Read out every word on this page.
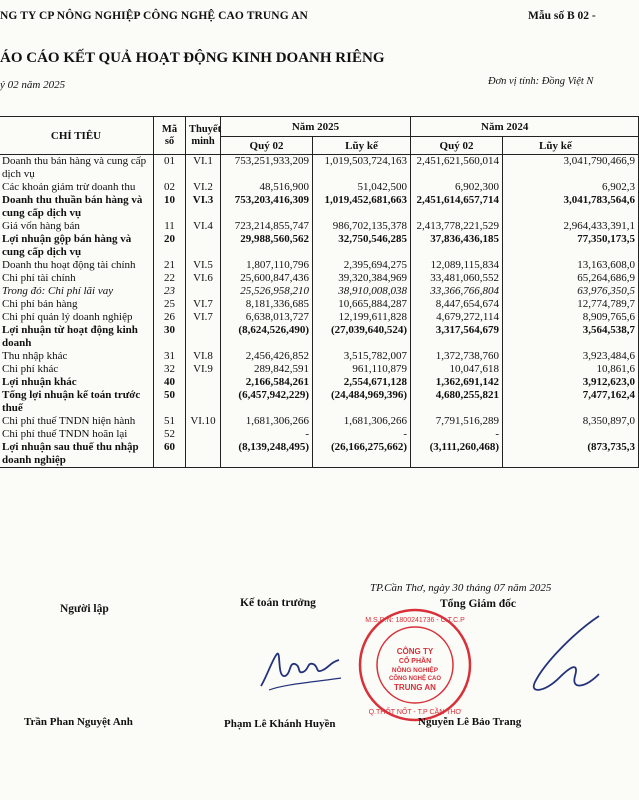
NG TY CP NÔNG NGHIỆP CÔNG NGHỆ CAO TRUNG AN	Mẫu số B 02 -
ÁO CÁO KẾT QUẢ HOẠT ĐỘNG KINH DOANH RIÊNG
ý 02 năm 2025	Đơn vị tính: Đồng Việt N
CHỈ TIÊU	Mã số	Thuyết minh	Năm 2025		Năm 2024	
			Quý 02	Lũy kế	Quý 02	Lũy kế
Doanh thu bán hàng và cung cấp dịch vụ	01	VI.1	753,251,933,209	1,019,503,724,163	2,451,621,560,014	3,041,790,466,9
Các khoản giảm trừ doanh thu	02	VI.2	48,516,900	51,042,500	6,902,300	6,902,3
Doanh thu thuần bán hàng và cung cấp dịch vụ	10	VI.3	753,203,416,309	1,019,452,681,663	2,451,614,657,714	3,041,783,564,6
Giá vốn hàng bán	11	VI.4	723,214,855,747	986,702,135,378	2,413,778,221,529	2,964,433,391,1
Lợi nhuận gộp bán hàng và cung cấp dịch vụ	20		29,988,560,562	32,750,546,285	37,836,436,185	77,350,173,5
Doanh thu hoạt động tài chính	21	VI.5	1,807,110,796	2,395,694,275	12,089,115,834	13,163,608,0
Chi phí tài chính	22	VI.6	25,600,847,436	39,320,384,969	33,481,060,552	65,264,686,9
Trong đó: Chi phí lãi vay	23		25,526,958,210	38,910,008,038	33,366,766,804	63,976,350,5
Chi phí bán hàng	25	VI.7	8,181,336,685	10,665,884,287	8,447,654,674	12,774,789,7
Chi phí quản lý doanh nghiệp	26	VI.7	6,638,013,727	12,199,611,828	4,679,272,114	8,909,765,6
Lợi nhuận từ hoạt động kinh doanh	30		(8,624,526,490)	(27,039,640,524)	3,317,564,679	3,564,538,7
Thu nhập khác	31	VI.8	2,456,426,852	3,515,782,007	1,372,738,760	3,923,484,6
Chi phí khác	32	VI.9	289,842,591	961,110,879	10,047,618	10,861,6
Lợi nhuận khác	40		2,166,584,261	2,554,671,128	1,362,691,142	3,912,623,0
Tổng lợi nhuận kế toán trước thuế	50		(6,457,942,229)	(24,484,969,396)	4,680,255,821	7,477,162,4
Chi phí thuế TNDN hiện hành	51	VI.10	1,681,306,266	1,681,306,266	7,791,516,289	8,350,897,0
Chi phí thuế TNDN hoãn lại	52		-	-	-	
Lợi nhuận sau thuế thu nhập doanh nghiệp	60		(8,139,248,495)	(26,166,275,662)	(3,111,260,468)	(873,735,3
TP.Cần Thơ, ngày 30 tháng 07 năm 2025
Người lập	Kế toán trưởng	Tổng Giám đốc
CÔNG TY
CỔ PHẦN
NÔNG NGHIỆP
CÔNG NGHỆ CAO
TRUNG AN
M.S.D.N: 1800241736 - C.T.C.P
Q.THỐT NỐT - T.P CẦN THƠ
Trần Phan Nguyệt Anh	Phạm Lê Khánh Huyền	Nguyễn Lê Bảo Trang
